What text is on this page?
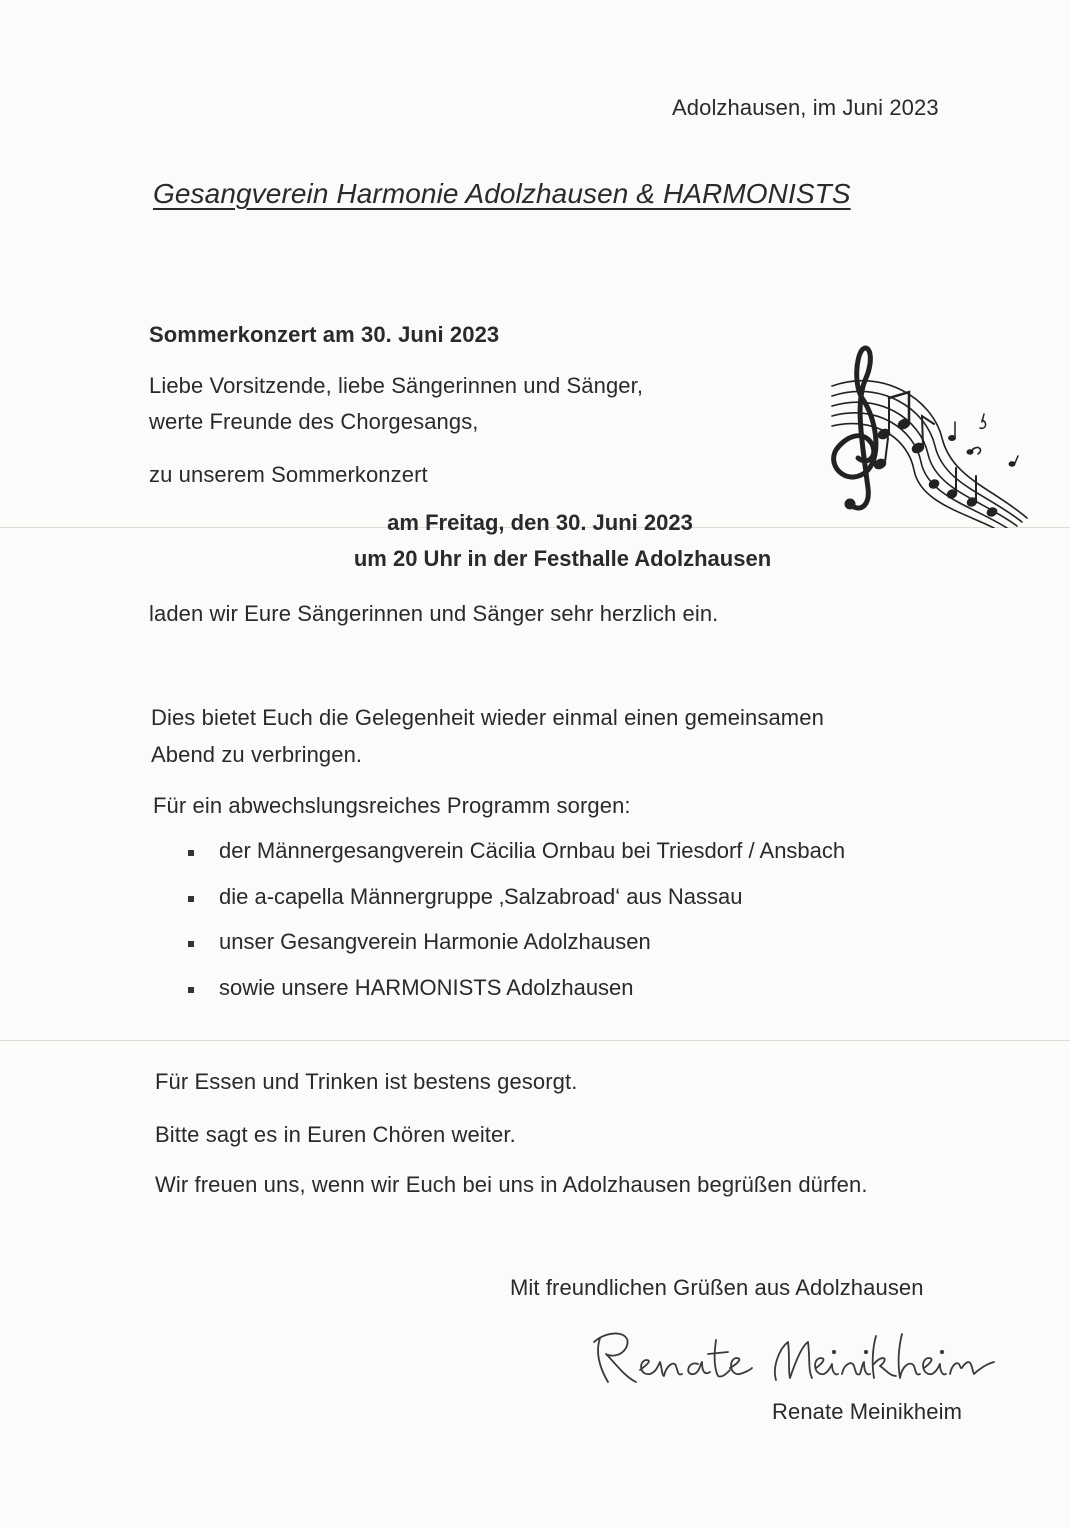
Adolzhausen, im Juni 2023
Gesangverein Harmonie Adolzhausen & HARMONISTS
Sommerkonzert am 30. Juni 2023
Liebe Vorsitzende, liebe Sängerinnen und Sänger,
werte Freunde des Chorgesangs,
zu unserem Sommerkonzert
am Freitag, den 30. Juni 2023
um 20 Uhr in der Festhalle Adolzhausen
laden wir Eure Sängerinnen und Sänger sehr herzlich ein.
Dies bietet Euch die Gelegenheit wieder einmal einen gemeinsamen
Abend zu verbringen.
Für ein abwechslungsreiches Programm sorgen:
der Männergesangverein Cäcilia Ornbau bei Triesdorf / Ansbach
die a-capella Männergruppe ‚Salzabroad‘ aus Nassau
unser Gesangverein Harmonie Adolzhausen
sowie unsere HARMONISTS Adolzhausen
Für Essen und Trinken ist bestens gesorgt.
Bitte sagt es in Euren Chören weiter.
Wir freuen uns, wenn wir Euch bei uns in Adolzhausen begrüßen dürfen.
Mit freundlichen Grüßen aus Adolzhausen
Renate Meinikheim
